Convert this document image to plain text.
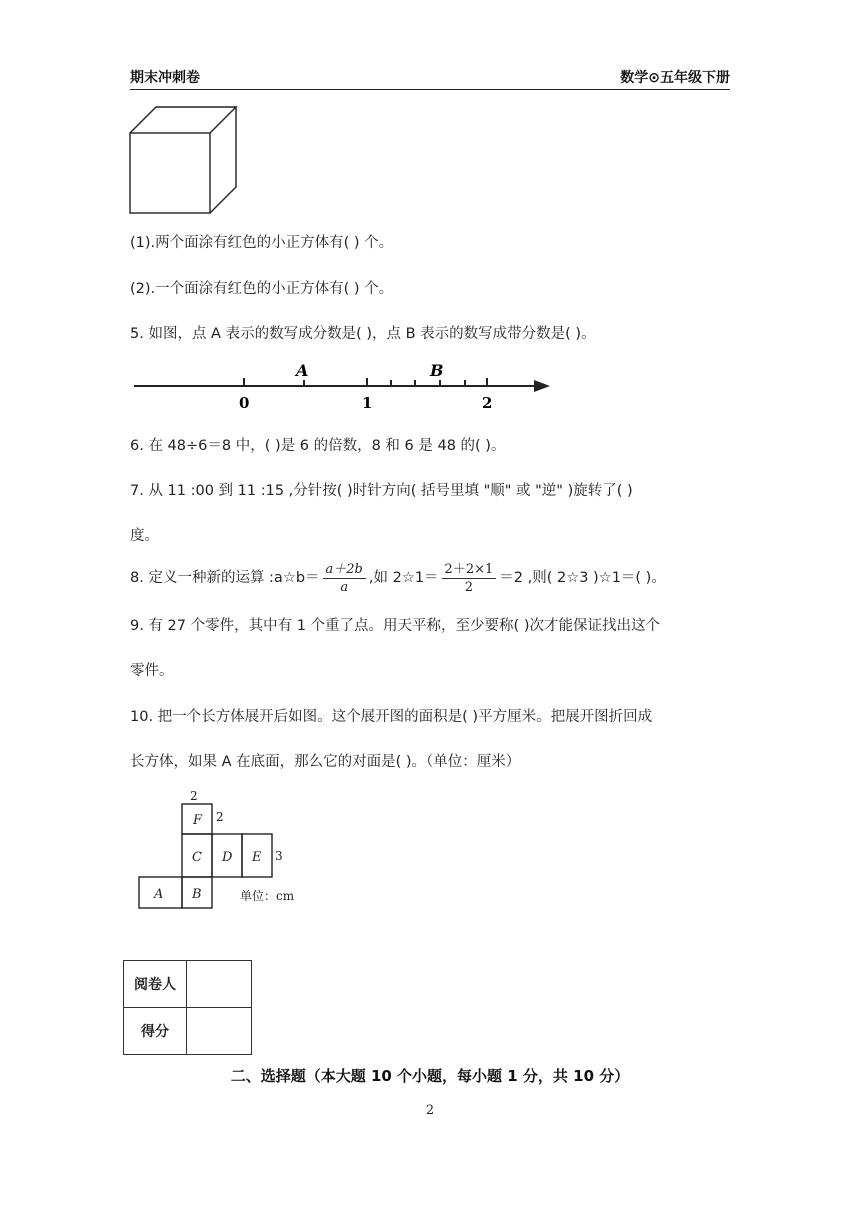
期末冲刺卷	数学⊙五年级下册
(1).两个面涂有红色的小正方体有( ) 个。
(2).一个面涂有红色的小正方体有( ) 个。
5. 如图，点 A 表示的数写成分数是( )，点 B 表示的数写成带分数是( )。
0	1	2
A	B
6. 在 48÷6＝8 中，( )是 6 的倍数，8 和 6 是 48 的( )。
7. 从 11 :00 到 11 :15 ,分针按( )时针方向( 括号里填 "顺" 或 "逆" )旋转了( )
度。
8. 定义一种新的运算 :a☆b＝ $\frac{a+2b}{a}$ ,如 2☆1＝ $\frac{2+2\times 1}{2} =2$ ,则( 2☆3 )☆1＝( )。
9. 有 27 个零件，其中有 1 个重了点。用天平称，至少要称( )次才能保证找出这个
零件。
10. 把一个长方体展开后如图。这个展开图的面积是( )平方厘米。把展开图折回成
长方体，如果 A 在底面，那么它的对面是( )。（单位：厘米）
F
C D E
A B
2
2
3
单位：cm
阅卷人	
得分	
二、选择题（本大题 10 个小题，每小题 1 分，共 10 分）
2
